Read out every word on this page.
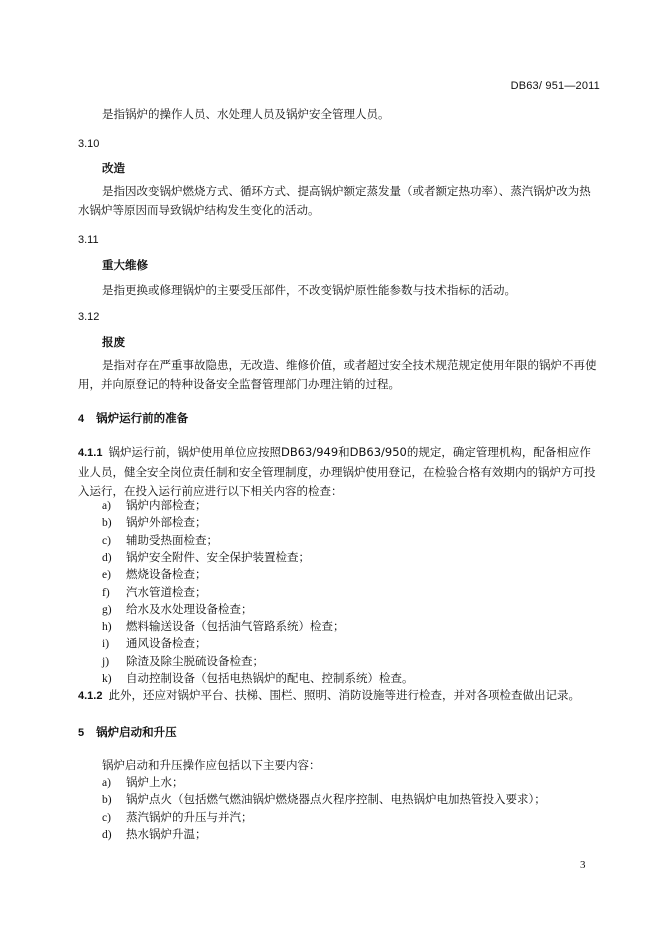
DB63/ 951—2011
是指锅炉的操作人员、水处理人员及锅炉安全管理人员。
3.10
改造
是指因改变锅炉燃烧方式、循环方式、提高锅炉额定蒸发量（或者额定热功率）、蒸汽锅炉改为热水锅炉等原因而导致锅炉结构发生变化的活动。
3.11
重大维修
是指更换或修理锅炉的主要受压部件，不改变锅炉原性能参数与技术指标的活动。
3.12
报废
是指对存在严重事故隐患，无改造、维修价值，或者超过安全技术规范规定使用年限的锅炉不再使用，并向原登记的特种设备安全监督管理部门办理注销的过程。
4 锅炉运行前的准备
4.1.1 锅炉运行前，锅炉使用单位应按照DB63/949和DB63/950的规定，确定管理机构，配备相应作业人员，健全安全岗位责任制和安全管理制度，办理锅炉使用登记，在检验合格有效期内的锅炉方可投入运行，在投入运行前应进行以下相关内容的检查：
a) 锅炉内部检查；
b) 锅炉外部检查；
c) 辅助受热面检查；
d) 锅炉安全附件、安全保护装置检查；
e) 燃烧设备检查；
f) 汽水管道检查；
g) 给水及水处理设备检查；
h) 燃料输送设备（包括油气管路系统）检查；
i) 通风设备检查；
j) 除渣及除尘脱硫设备检查；
k) 自动控制设备（包括电热锅炉的配电、控制系统）检查。
4.1.2 此外，还应对锅炉平台、扶梯、围栏、照明、消防设施等进行检查，并对各项检查做出记录。
5 锅炉启动和升压
锅炉启动和升压操作应包括以下主要内容：
a) 锅炉上水；
b) 锅炉点火（包括燃气燃油锅炉燃烧器点火程序控制、电热锅炉电加热管投入要求）；
c) 蒸汽锅炉的升压与并汽；
d) 热水锅炉升温；
3
